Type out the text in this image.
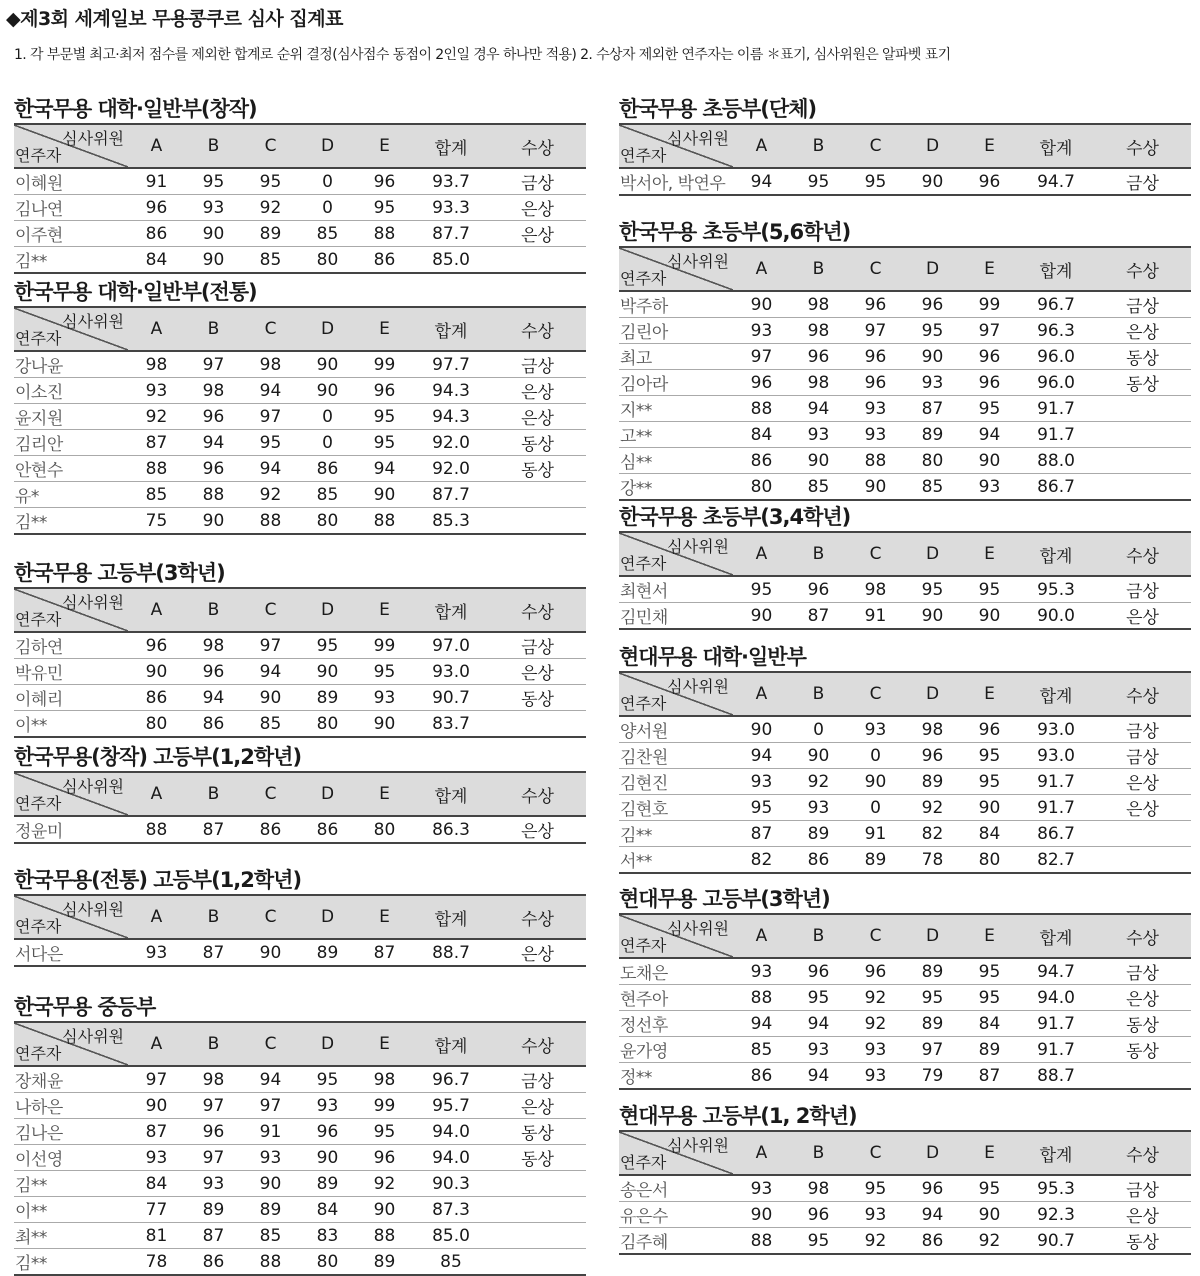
◆제3회 세계일보 무용콩쿠르 심사 집계표
1. 각 부문별 최고·최저 점수를 제외한 합계로 순위 결정(심사점수 동점이 2인일 경우 하나만 적용) 2. 수상자 제외한 연주자는 이름 ＊표기, 심사위원은 알파벳 표기
한국무용 대학·일반부(창작)
심사위원
연주자	A	B	C	D	E	합계	수상
이혜원	91	95	95	0	96	93.7	금상
김나연	96	93	92	0	95	93.3	은상
이주현	86	90	89	85	88	87.7	은상
김**	84	90	85	80	86	85.0	
한국무용 대학·일반부(전통)
심사위원
연주자	A	B	C	D	E	합계	수상
강나윤	98	97	98	90	99	97.7	금상
이소진	93	98	94	90	96	94.3	은상
윤지원	92	96	97	0	95	94.3	은상
김리안	87	94	95	0	95	92.0	동상
안현수	88	96	94	86	94	92.0	동상
유*	85	88	92	85	90	87.7	
김**	75	90	88	80	88	85.3	
한국무용 고등부(3학년)
심사위원
연주자	A	B	C	D	E	합계	수상
김하연	96	98	97	95	99	97.0	금상
박유민	90	96	94	90	95	93.0	은상
이혜리	86	94	90	89	93	90.7	동상
이**	80	86	85	80	90	83.7	
한국무용(창작) 고등부(1,2학년)
심사위원
연주자	A	B	C	D	E	합계	수상
정윤미	88	87	86	86	80	86.3	은상
한국무용(전통) 고등부(1,2학년)
심사위원
연주자	A	B	C	D	E	합계	수상
서다은	93	87	90	89	87	88.7	은상
한국무용 중등부
심사위원
연주자	A	B	C	D	E	합계	수상
장채윤	97	98	94	95	98	96.7	금상
나하은	90	97	97	93	99	95.7	은상
김나은	87	96	91	96	95	94.0	동상
이선영	93	97	93	90	96	94.0	동상
김**	84	93	90	89	92	90.3	
이**	77	89	89	84	90	87.3	
최**	81	87	85	83	88	85.0	
김**	78	86	88	80	89	85	
한국무용 초등부(단체)
심사위원
연주자	A	B	C	D	E	합계	수상
박서아, 박연우	94	95	95	90	96	94.7	금상
한국무용 초등부(5,6학년)
심사위원
연주자	A	B	C	D	E	합계	수상
박주하	90	98	96	96	99	96.7	금상
김린아	93	98	97	95	97	96.3	은상
최고	97	96	96	90	96	96.0	동상
김아라	96	98	96	93	96	96.0	동상
지**	88	94	93	87	95	91.7	
고**	84	93	93	89	94	91.7	
심**	86	90	88	80	90	88.0	
강**	80	85	90	85	93	86.7	
한국무용 초등부(3,4학년)
심사위원
연주자	A	B	C	D	E	합계	수상
최현서	95	96	98	95	95	95.3	금상
김민채	90	87	91	90	90	90.0	은상
현대무용 대학·일반부
심사위원
연주자	A	B	C	D	E	합계	수상
양서원	90	0	93	98	96	93.0	금상
김찬원	94	90	0	96	95	93.0	금상
김현진	93	92	90	89	95	91.7	은상
김현호	95	93	0	92	90	91.7	은상
김**	87	89	91	82	84	86.7	
서**	82	86	89	78	80	82.7	
현대무용 고등부(3학년)
심사위원
연주자	A	B	C	D	E	합계	수상
도채은	93	96	96	89	95	94.7	금상
현주아	88	95	92	95	95	94.0	은상
정선후	94	94	92	89	84	91.7	동상
윤가영	85	93	93	97	89	91.7	동상
정**	86	94	93	79	87	88.7	
현대무용 고등부(1, 2학년)
심사위원
연주자	A	B	C	D	E	합계	수상
송은서	93	98	95	96	95	95.3	금상
유은수	90	96	93	94	90	92.3	은상
김주혜	88	95	92	86	92	90.7	동상
